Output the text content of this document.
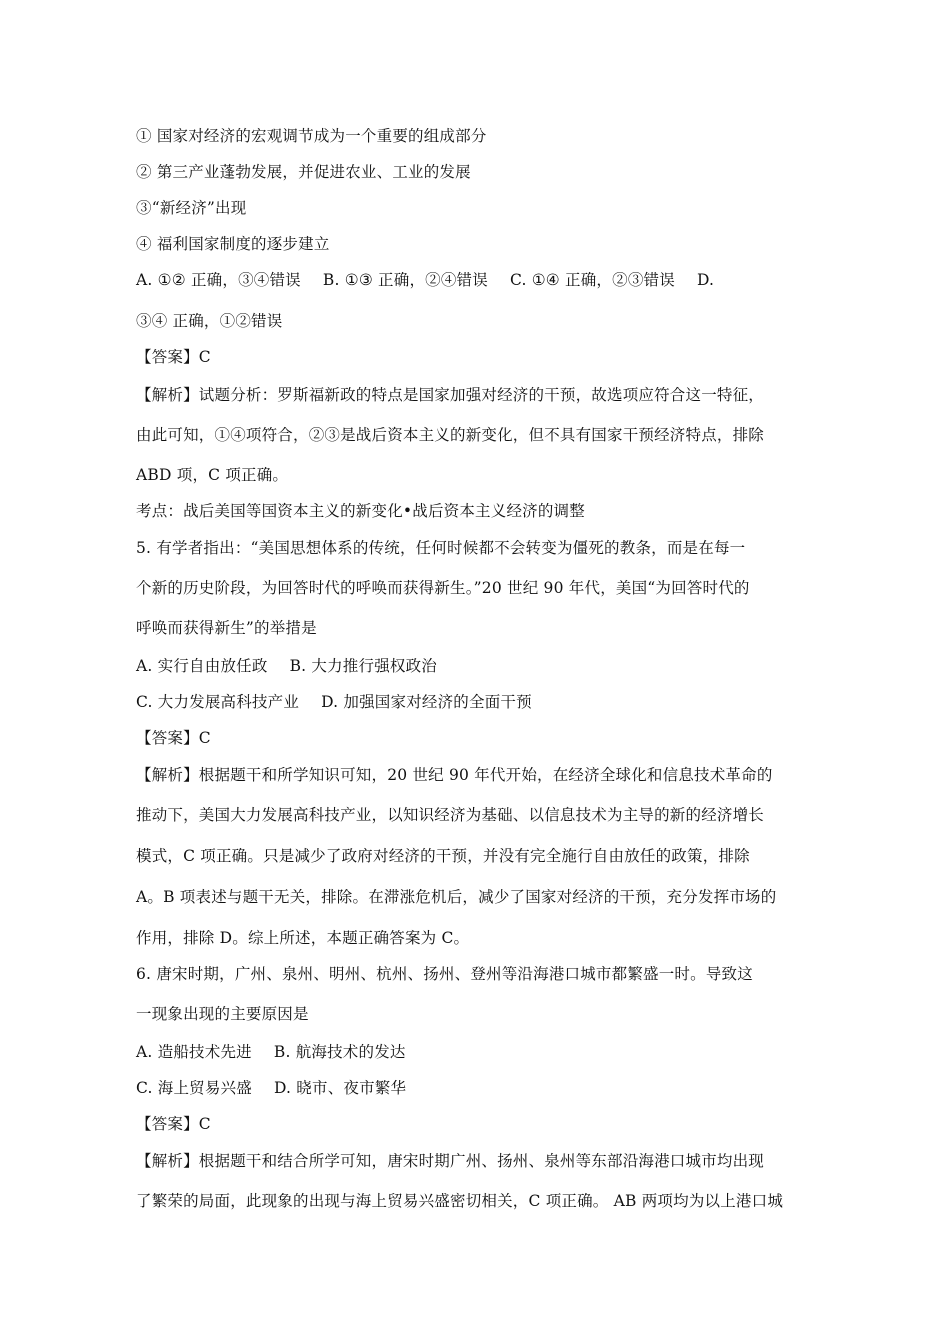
① 国家对经济的宏观调节成为一个重要的组成部分
② 第三产业蓬勃发展，并促进农业、工业的发展
③“新经济”出现
④ 福利国家制度的逐步建立
A. ①② 正确，③④错误 B. ①③ 正确，②④错误 C. ①④ 正确，②③错误 D.
③④ 正确，①②错误
【答案】C
【解析】试题分析：罗斯福新政的特点是国家加强对经济的干预，故选项应符合这一特征，
由此可知，①④项符合，②③是战后资本主义的新变化，但不具有国家干预经济特点，排除
ABD 项，C 项正确。
考点：战后美国等国资本主义的新变化•战后资本主义经济的调整
5. 有学者指出：“美国思想体系的传统，任何时候都不会转变为僵死的教条，而是在每一
个新的历史阶段，为回答时代的呼唤而获得新生。”20 世纪 90 年代，美国“为回答时代的
呼唤而获得新生”的举措是
A. 实行自由放任政 B. 大力推行强权政治
C. 大力发展高科技产业 D. 加强国家对经济的全面干预
【答案】C
【解析】根据题干和所学知识可知，20 世纪 90 年代开始，在经济全球化和信息技术革命的
推动下，美国大力发展高科技产业，以知识经济为基础、以信息技术为主导的新的经济增长
模式，C 项正确。只是减少了政府对经济的干预，并没有完全施行自由放任的政策，排除
A。B 项表述与题干无关，排除。在滞涨危机后，减少了国家对经济的干预，充分发挥市场的
作用，排除 D。综上所述，本题正确答案为 C。
6. 唐宋时期，广州、泉州、明州、杭州、扬州、登州等沿海港口城市都繁盛一时。导致这
一现象出现的主要原因是
A. 造船技术先进 B. 航海技术的发达
C. 海上贸易兴盛 D. 晓市、夜市繁华
【答案】C
【解析】根据题干和结合所学可知，唐宋时期广州、扬州、泉州等东部沿海港口城市均出现
了繁荣的局面，此现象的出现与海上贸易兴盛密切相关，C 项正确。 AB 两项均为以上港口城
